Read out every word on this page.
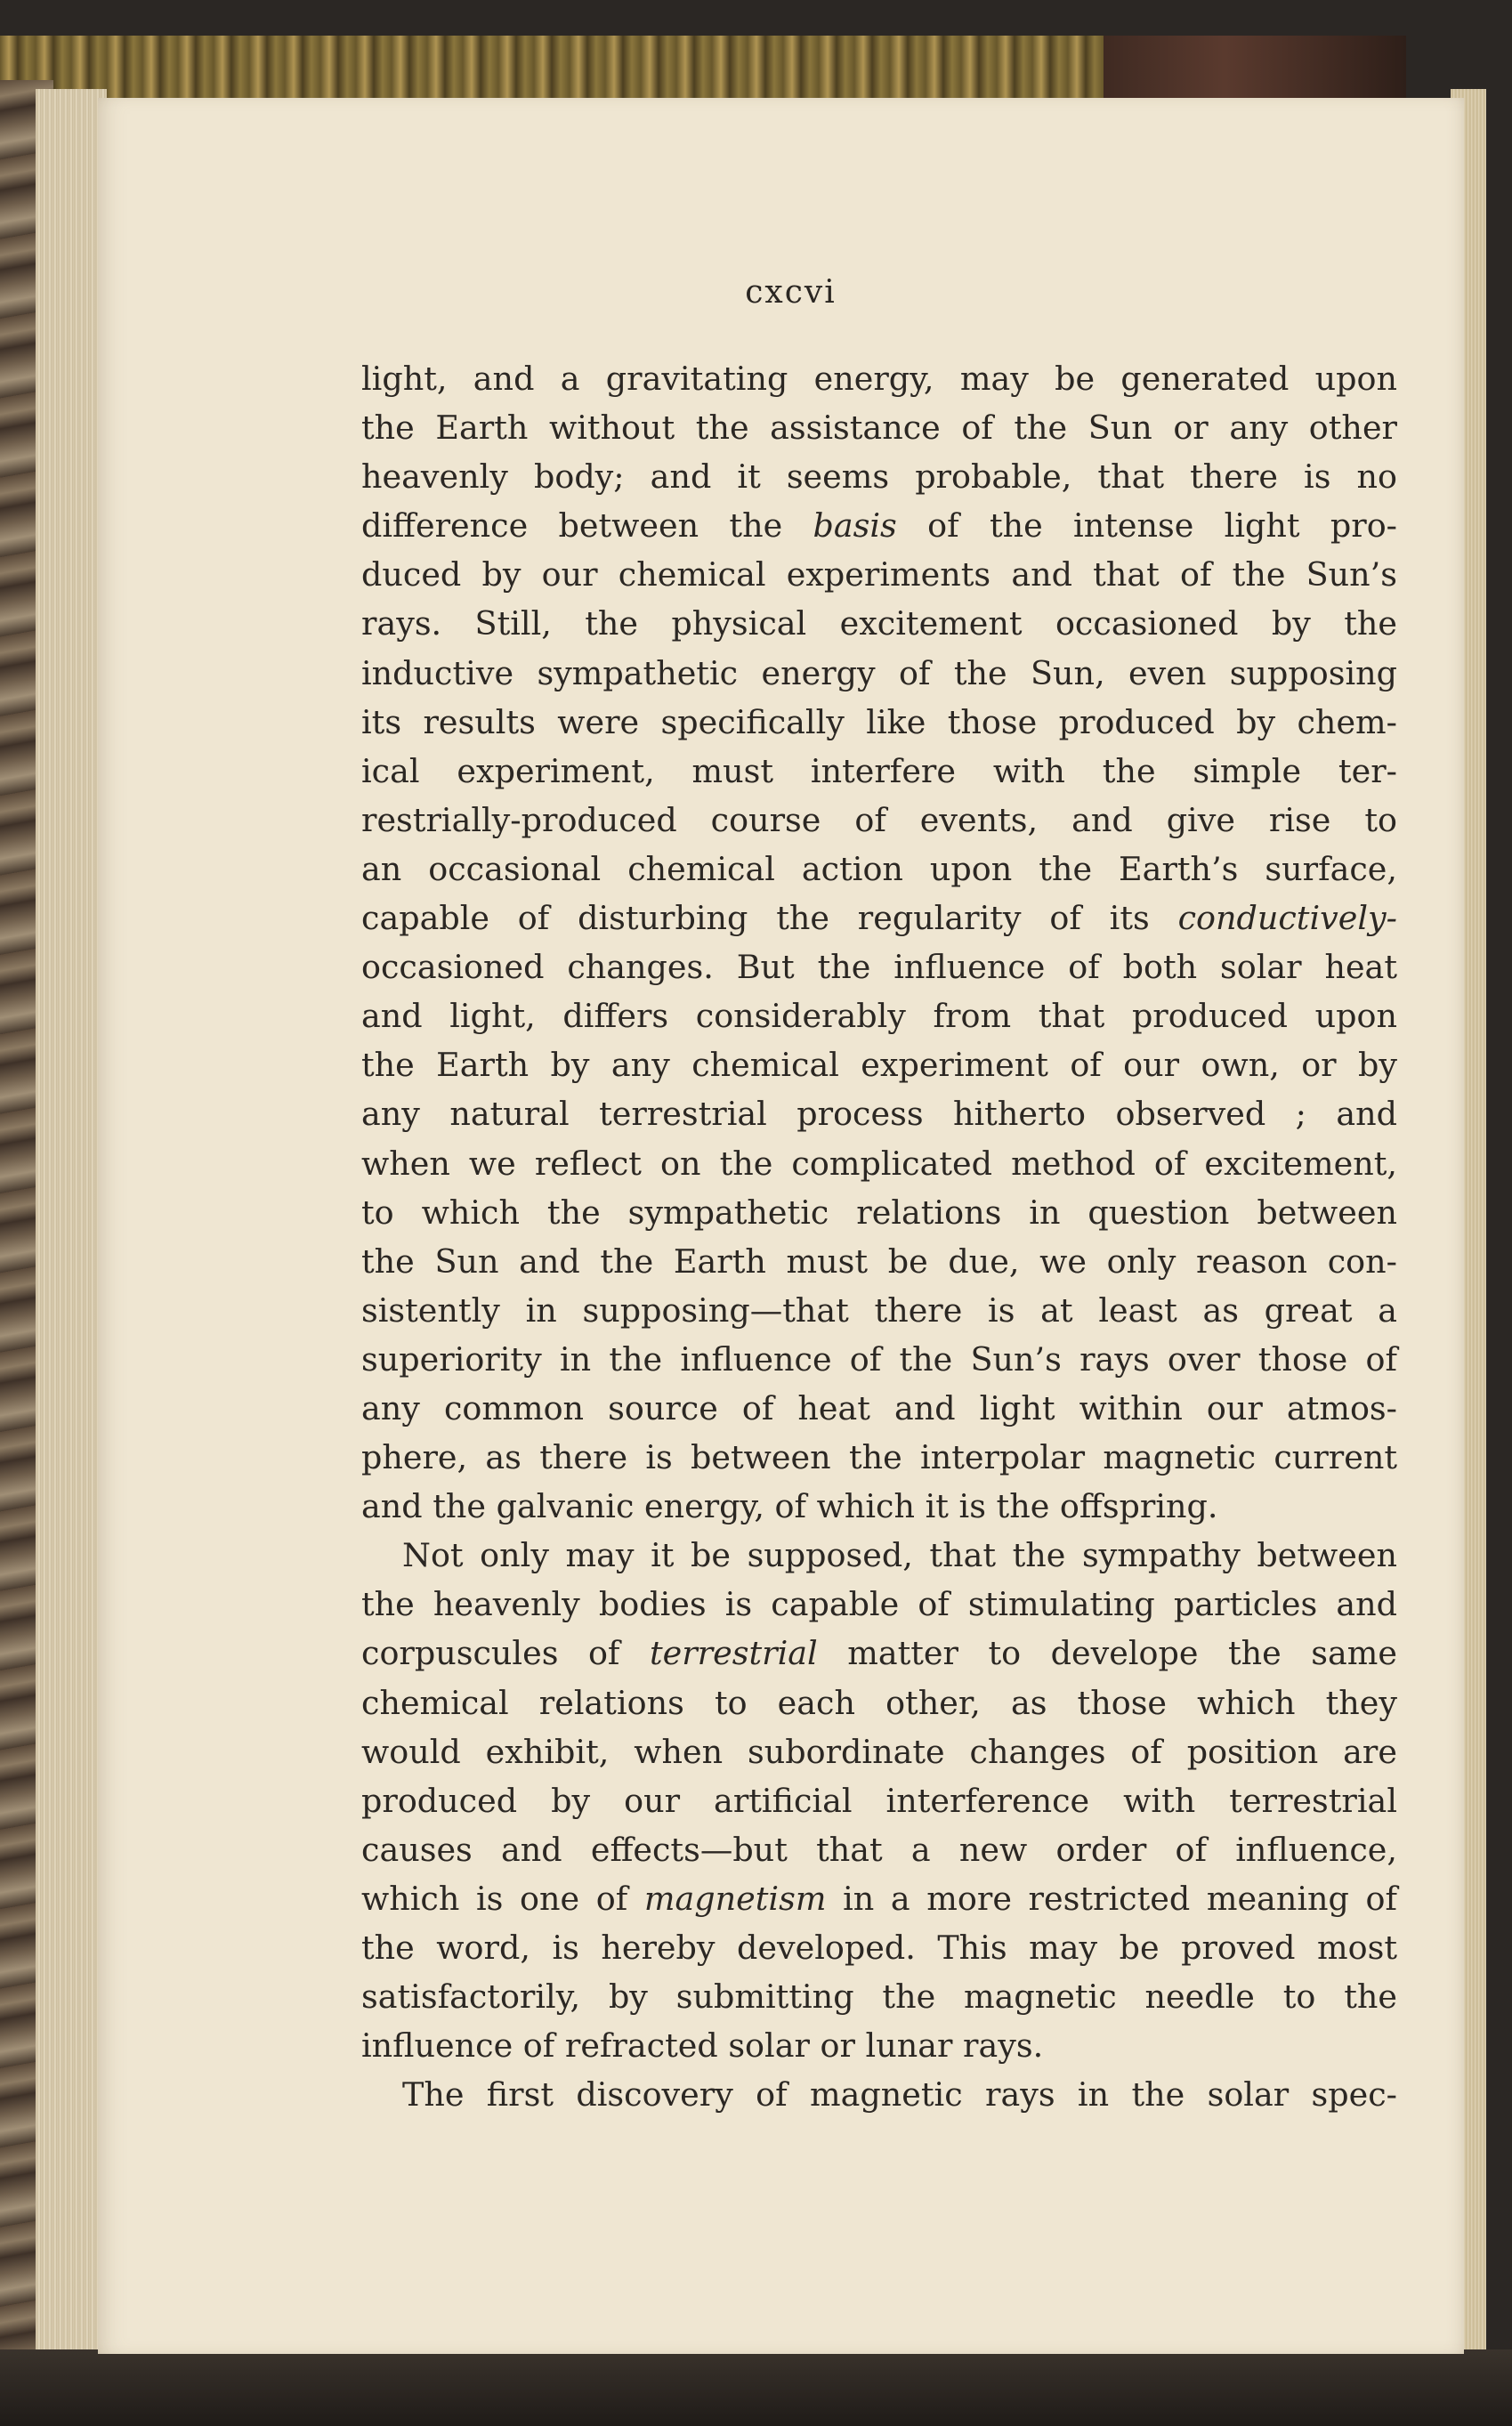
cxcvi
light, and a gravitating energy, may be generated upon
the Earth without the assistance of the Sun or any other
heavenly body; and it seems probable, that there is no
difference between the basis of the intense light pro-
duced by our chemical experiments and that of the Sun’s
rays. Still, the physical excitement occasioned by the
inductive sympathetic energy of the Sun, even supposing
its results were specifically like those produced by chem-
ical experiment, must interfere with the simple ter-
restrially-produced course of events, and give rise to
an occasional chemical action upon the Earth’s surface,
capable of disturbing the regularity of its conductively-
occasioned changes. But the influence of both solar heat
and light, differs considerably from that produced upon
the Earth by any chemical experiment of our own, or by
any natural terrestrial process hitherto observed ; and
when we reflect on the complicated method of excitement,
to which the sympathetic relations in question between
the Sun and the Earth must be due, we only reason con-
sistently in supposing—that there is at least as great a
superiority in the influence of the Sun’s rays over those of
any common source of heat and light within our atmos-
phere, as there is between the interpolar magnetic current
and the galvanic energy, of which it is the offspring.
Not only may it be supposed, that the sympathy between
the heavenly bodies is capable of stimulating particles and
corpuscules of terrestrial matter to develope the same
chemical relations to each other, as those which they
would exhibit, when subordinate changes of position are
produced by our artificial interference with terrestrial
causes and effects—but that a new order of influence,
which is one of magnetism in a more restricted meaning of
the word, is hereby developed. This may be proved most
satisfactorily, by submitting the magnetic needle to the
influence of refracted solar or lunar rays.
The first discovery of magnetic rays in the solar spec-
